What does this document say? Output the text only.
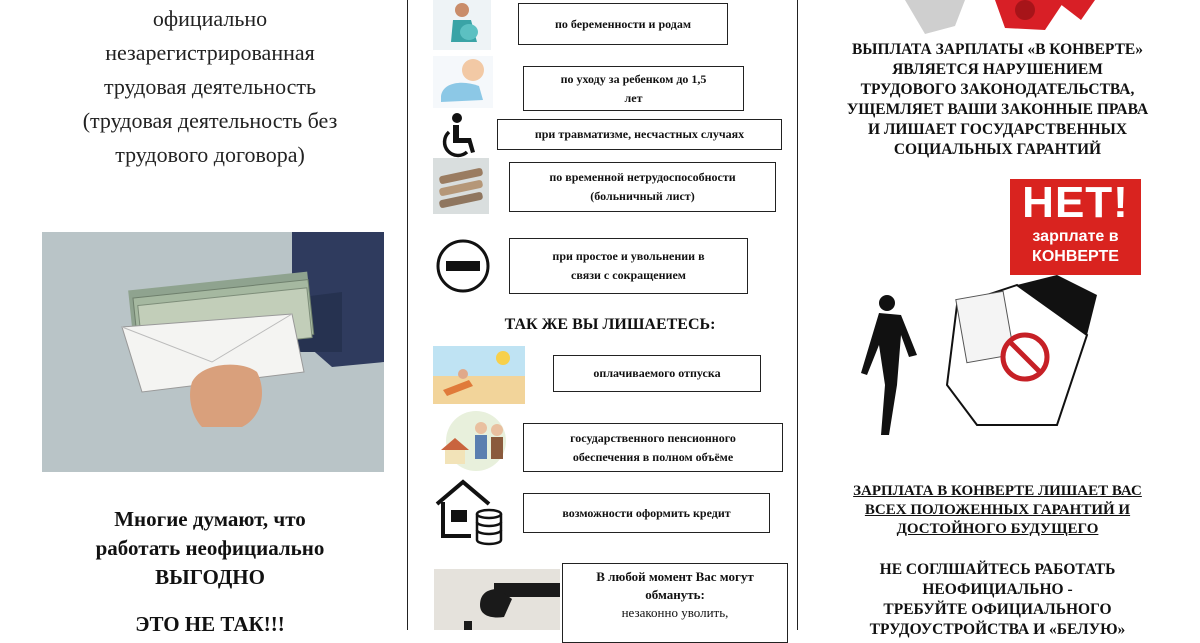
официально
незарегистрированная
трудовая деятельность
(трудовая деятельность без
трудового договора)
Многие думают, что
работать неофициально
ВЫГОДНО
ЭТО НЕ ТАК!!!
по беременности и родам
по уходу за ребенком до 1,5
лет
при травматизме, несчастных случаях
по временной нетрудоспособности
(больничный лист)
при простое и увольнении в
связи с сокращением
ТАК ЖЕ ВЫ ЛИШАЕТЕСЬ:
оплачиваемого отпуска
государственного пенсионного
обеспечения в полном объёме
возможности оформить кредит
В любой момент Вас могут
обмануть:
незаконно уволить,
ВЫПЛАТА ЗАРПЛАТЫ «В КОНВЕРТЕ»
ЯВЛЯЕТСЯ НАРУШЕНИЕМ
ТРУДОВОГО ЗАКОНОДАТЕЛЬСТВА,
УЩЕМЛЯЕТ ВАШИ ЗАКОННЫЕ ПРАВА
И ЛИШАЕТ ГОСУДАРСТВЕННЫХ
СОЦИАЛЬНЫХ ГАРАНТИЙ
НЕТ!
зарплате в
КОНВЕРТЕ
ЗАРПЛАТА В КОНВЕРТЕ ЛИШАЕТ ВАС
ВСЕХ ПОЛОЖЕННЫХ ГАРАНТИЙ И
ДОСТОЙНОГО БУДУЩЕГО
НЕ СОГЛШАЙТЕСЬ РАБОТАТЬ
НЕОФИЦИАЛЬНО -
ТРЕБУЙТЕ ОФИЦИАЛЬНОГО
ТРУДОУСТРОЙСТВА И «БЕЛУЮ»
